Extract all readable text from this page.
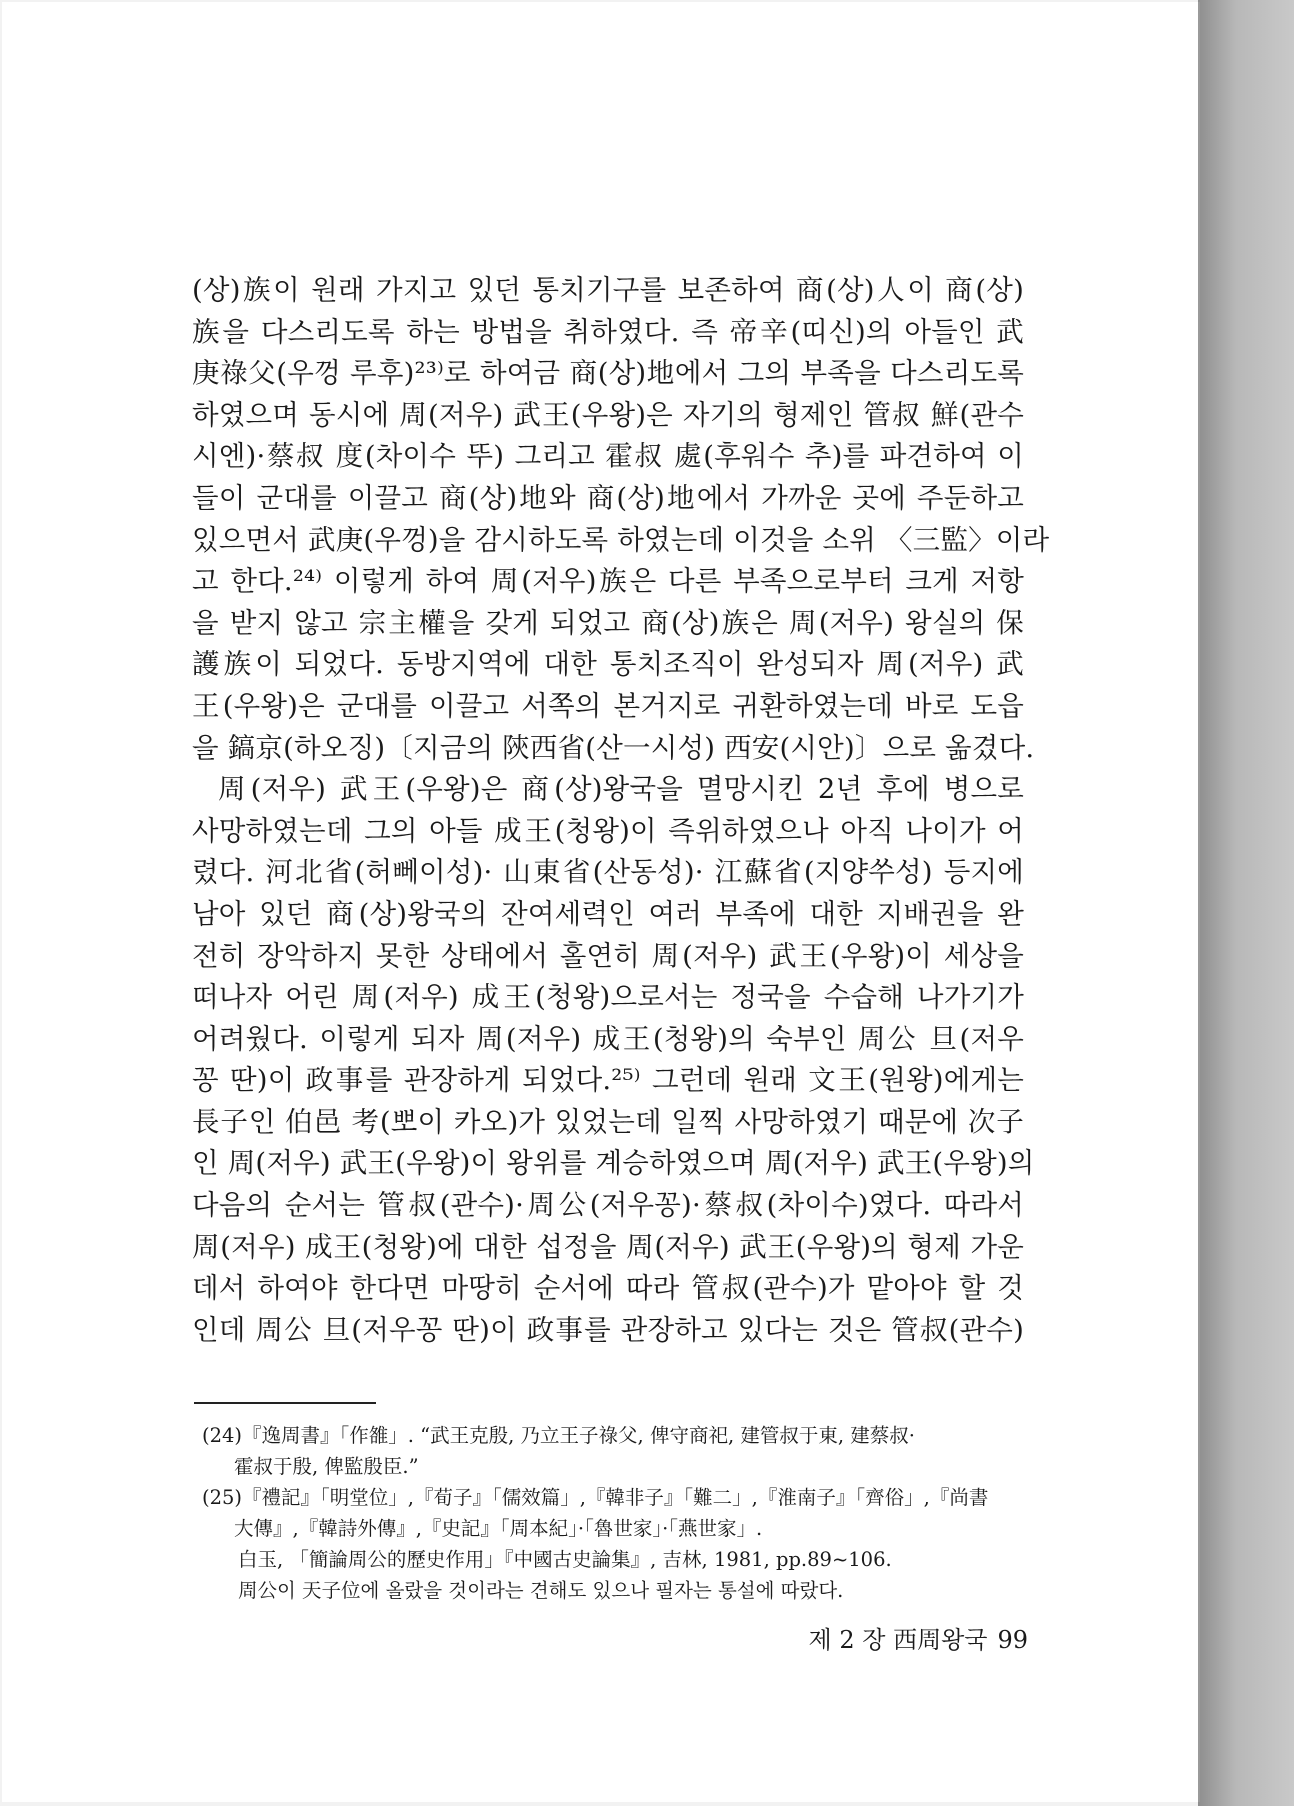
(상)族이 원래 가지고 있던 통치기구를 보존하여 商(상)人이 商(상)
族을 다스리도록 하는 방법을 취하였다. 즉 帝辛(띠신)의 아들인 武
庚祿父(우껑 루후)²³⁾로 하여금 商(상)地에서 그의 부족을 다스리도록
하였으며 동시에 周(저우) 武王(우왕)은 자기의 형제인 管叔 鮮(관수
시엔)·蔡叔 度(차이수 뚜) 그리고 霍叔 處(후워수 추)를 파견하여 이
들이 군대를 이끌고 商(상)地와 商(상)地에서 가까운 곳에 주둔하고
있으면서 武庚(우껑)을 감시하도록 하였는데 이것을 소위 〈三監〉이라
고 한다.²⁴⁾ 이렇게 하여 周(저우)族은 다른 부족으로부터 크게 저항
을 받지 않고 宗主權을 갖게 되었고 商(상)族은 周(저우) 왕실의 保
護族이 되었다. 동방지역에 대한 통치조직이 완성되자 周(저우) 武
王(우왕)은 군대를 이끌고 서쪽의 본거지로 귀환하였는데 바로 도읍
을 鎬京(하오징)〔지금의 陝西省(산一시성) 西安(시안)〕으로 옮겼다.
周(저우) 武王(우왕)은 商(상)왕국을 멸망시킨 2년 후에 병으로
사망하였는데 그의 아들 成王(청왕)이 즉위하였으나 아직 나이가 어
렸다. 河北省(허뻬이성)· 山東省(산동성)· 江蘇省(지양쑤성) 등지에
남아 있던 商(상)왕국의 잔여세력인 여러 부족에 대한 지배권을 완
전히 장악하지 못한 상태에서 홀연히 周(저우) 武王(우왕)이 세상을
떠나자 어린 周(저우) 成王(청왕)으로서는 정국을 수습해 나가기가
어려웠다. 이렇게 되자 周(저우) 成王(청왕)의 숙부인 周公 旦(저우
꽁 딴)이 政事를 관장하게 되었다.²⁵⁾ 그런데 원래 文王(원왕)에게는
長子인 伯邑 考(뽀이 카오)가 있었는데 일찍 사망하였기 때문에 次子
인 周(저우) 武王(우왕)이 왕위를 계승하였으며 周(저우) 武王(우왕)의
다음의 순서는 管叔(관수)·周公(저우꽁)·蔡叔(차이수)였다. 따라서
周(저우) 成王(청왕)에 대한 섭정을 周(저우) 武王(우왕)의 형제 가운
데서 하여야 한다면 마땅히 순서에 따라 管叔(관수)가 맡아야 할 것
인데 周公 旦(저우꽁 딴)이 政事를 관장하고 있다는 것은 管叔(관수)
(24)『逸周書』「作雒」. “武王克殷, 乃立王子祿父, 俾守商祀, 建管叔于東, 建蔡叔·
霍叔于殷, 俾監殷臣.”
(25)『禮記』「明堂位」,『荀子』「儒效篇」,『韓非子』「難二」,『淮南子』「齊俗」,『尚書
大傳』,『韓詩外傳』,『史記』「周本紀」·「魯世家」·「燕世家」.
白玉, 「簡論周公的歷史作用」『中國古史論集』, 吉林, 1981, pp.89~106.
周公이 天子位에 올랐을 것이라는 견해도 있으나 필자는 통설에 따랐다.
제 2 장 西周왕국 99
